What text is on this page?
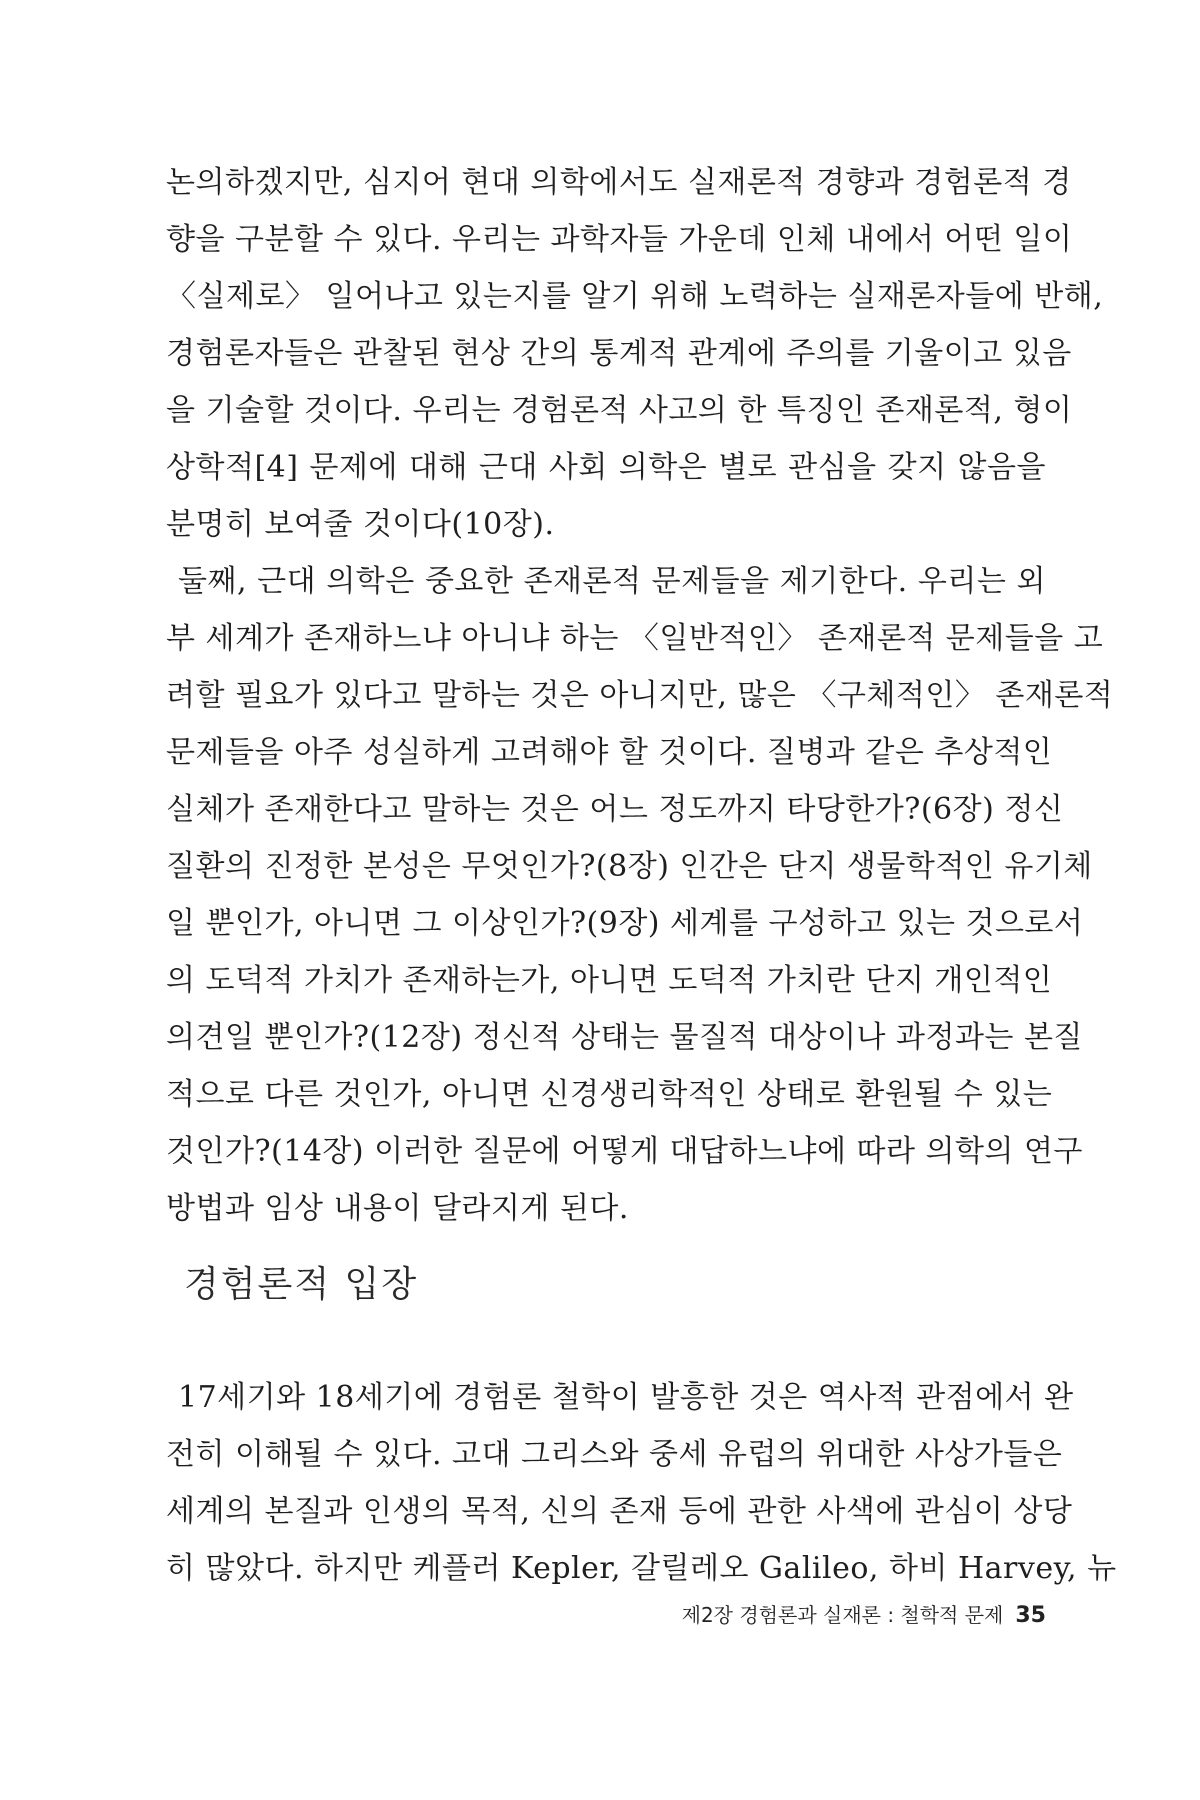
논의하겠지만, 심지어 현대 의학에서도 실재론적 경향과 경험론적 경
향을 구분할 수 있다. 우리는 과학자들 가운데 인체 내에서 어떤 일이
〈실제로〉 일어나고 있는지를 알기 위해 노력하는 실재론자들에 반해,
경험론자들은 관찰된 현상 간의 통계적 관계에 주의를 기울이고 있음
을 기술할 것이다. 우리는 경험론적 사고의 한 특징인 존재론적, 형이
상학적[4] 문제에 대해 근대 사회 의학은 별로 관심을 갖지 않음을
분명히 보여줄 것이다(10장).
둘째, 근대 의학은 중요한 존재론적 문제들을 제기한다. 우리는 외
부 세계가 존재하느냐 아니냐 하는 〈일반적인〉 존재론적 문제들을 고
려할 필요가 있다고 말하는 것은 아니지만, 많은 〈구체적인〉 존재론적
문제들을 아주 성실하게 고려해야 할 것이다. 질병과 같은 추상적인
실체가 존재한다고 말하는 것은 어느 정도까지 타당한가?(6장) 정신
질환의 진정한 본성은 무엇인가?(8장) 인간은 단지 생물학적인 유기체
일 뿐인가, 아니면 그 이상인가?(9장) 세계를 구성하고 있는 것으로서
의 도덕적 가치가 존재하는가, 아니면 도덕적 가치란 단지 개인적인
의견일 뿐인가?(12장) 정신적 상태는 물질적 대상이나 과정과는 본질
적으로 다른 것인가, 아니면 신경생리학적인 상태로 환원될 수 있는
것인가?(14장) 이러한 질문에 어떻게 대답하느냐에 따라 의학의 연구
방법과 임상 내용이 달라지게 된다.
경험론적 입장
17세기와 18세기에 경험론 철학이 발흥한 것은 역사적 관점에서 완
전히 이해될 수 있다. 고대 그리스와 중세 유럽의 위대한 사상가들은
세계의 본질과 인생의 목적, 신의 존재 등에 관한 사색에 관심이 상당
히 많았다. 하지만 케플러 Kepler, 갈릴레오 Galileo, 하비 Harvey, 뉴
제2장 경험론과 실재론 : 철학적 문제 35
